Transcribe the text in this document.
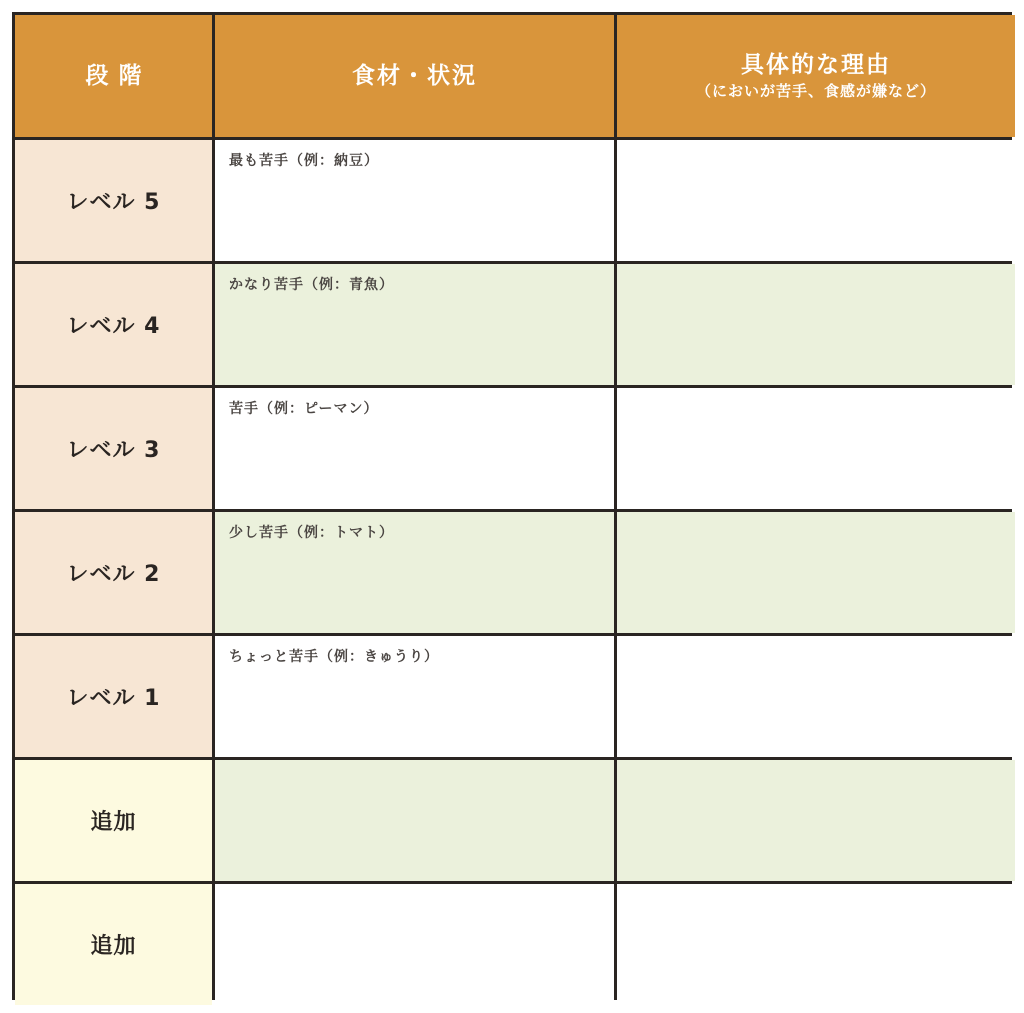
段階	食材・状況	具体的な理由
（においが苦手、食感が嫌など）
レベル 5
最も苦手（例：納豆）
レベル 4
かなり苦手（例：青魚）
レベル 3
苦手（例：ピーマン）
レベル 2
少し苦手（例：トマト）
レベル 1
ちょっと苦手（例：きゅうり）
追加
追加
